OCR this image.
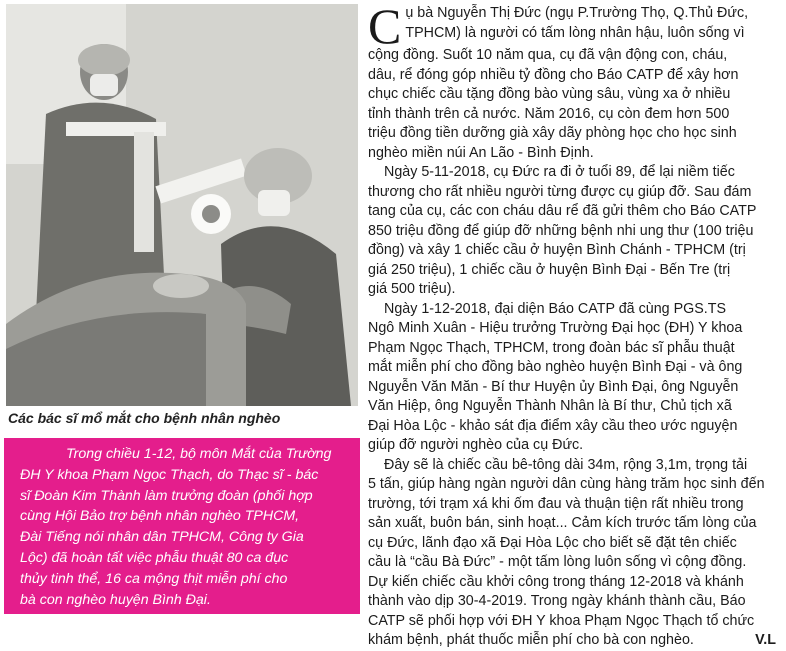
Các bác sĩ mổ mắt cho bệnh nhân nghèo

Trong chiều 1-12, bộ môn Mắt của Trường
ĐH Y khoa Phạm Ngọc Thạch, do Thạc sĩ - bác
sĩ Đoàn Kim Thành làm trưởng đoàn (phối hợp
cùng Hội Bảo trợ bệnh nhân nghèo TPHCM,
Đài Tiếng nói nhân dân TPHCM, Công ty Gia
Lộc) đã hoàn tất việc phẫu thuật 80 ca đục
thủy tinh thể, 16 ca mộng thịt miễn phí cho
bà con nghèo huyện Bình Đại.

C ụ bà Nguyễn Thị Đức (ngụ P.Trường Thọ, Q.Thủ Đức,
TPHCM) là người có tấm lòng nhân hậu, luôn sống vì
cộng đồng. Suốt 10 năm qua, cụ đã vận động con, cháu,
dâu, rể đóng góp nhiều tỷ đồng cho Báo CATP để xây hơn
chục chiếc cầu tặng đồng bào vùng sâu, vùng xa ở nhiều
tỉnh thành trên cả nước. Năm 2016, cụ còn đem hơn 500
triệu đồng tiền dưỡng già xây dãy phòng học cho học sinh
nghèo miền núi An Lão - Bình Định.
Ngày 5-11-2018, cụ Đức ra đi ở tuổi 89, để lại niềm tiếc
thương cho rất nhiều người từng được cụ giúp đỡ. Sau đám
tang của cụ, các con cháu dâu rể đã gửi thêm cho Báo CATP
850 triệu đồng để giúp đỡ những bệnh nhi ung thư (100 triệu
đồng) và xây 1 chiếc cầu ở huyện Bình Chánh - TPHCM (trị
giá 250 triệu), 1 chiếc cầu ở huyện Bình Đại - Bến Tre (trị
giá 500 triệu).
Ngày 1-12-2018, đại diện Báo CATP đã cùng PGS.TS
Ngô Minh Xuân - Hiệu trưởng Trường Đại học (ĐH) Y khoa
Phạm Ngọc Thạch, TPHCM, trong đoàn bác sĩ phẫu thuật
mắt miễn phí cho đồng bào nghèo huyện Bình Đại - và ông
Nguyễn Văn Măn - Bí thư Huyện ủy Bình Đại, ông Nguyễn
Văn Hiệp, ông Nguyễn Thành Nhân là Bí thư, Chủ tịch xã
Đại Hòa Lộc - khảo sát địa điểm xây cầu theo ước nguyện
giúp đỡ người nghèo của cụ Đức.
Đây sẽ là chiếc cầu bê-tông dài 34m, rộng 3,1m, trọng tải
5 tấn, giúp hàng ngàn người dân cùng hàng trăm học sinh đến
trường, tới trạm xá khi ốm đau và thuận tiện rất nhiều trong
sản xuất, buôn bán, sinh hoạt... Cảm kích trước tấm lòng của
cụ Đức, lãnh đạo xã Đại Hòa Lộc cho biết sẽ đặt tên chiếc
cầu là “cầu Bà Đức” - một tấm lòng luôn sống vì cộng đồng.
Dự kiến chiếc cầu khởi công trong tháng 12-2018 và khánh
thành vào dịp 30-4-2019. Trong ngày khánh thành cầu, Báo
CATP sẽ phối hợp với ĐH Y khoa Phạm Ngọc Thạch tổ chức
khám bệnh, phát thuốc miễn phí cho bà con nghèo.	V.L
